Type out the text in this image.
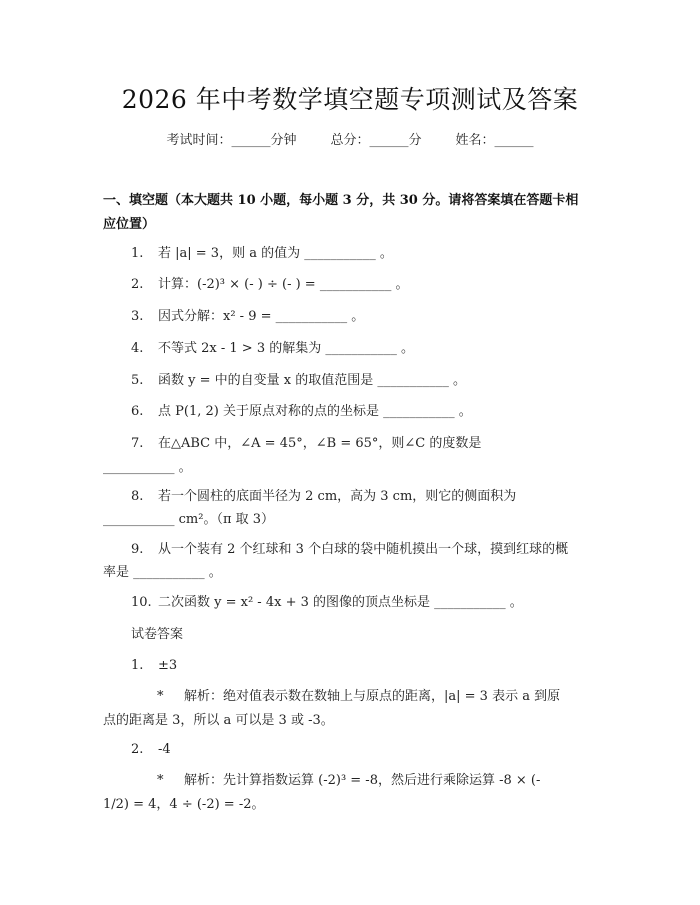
2026 年中考数学填空题专项测试及答案
考试时间：______分钟	总分：______分	姓名：______
一、填空题（本大题共 10 小题，每小题 3 分，共 30 分。请将答案填在答题卡相
应位置）
1. 若 |a| = 3，则 a 的值为 ___________ 。
2. 计算：(-2)³ × (- ) ÷ (- ) = ___________ 。
3. 因式分解：x² - 9 = ___________ 。
4. 不等式 2x - 1 > 3 的解集为 ___________ 。
5. 函数 y = 中的自变量 x 的取值范围是 ___________ 。
6. 点 P(1, 2) 关于原点对称的点的坐标是 ___________ 。
7. 在△ABC 中，∠A = 45°，∠B = 65°，则∠C 的度数是
___________ 。
8. 若一个圆柱的底面半径为 2 cm，高为 3 cm，则它的侧面积为
___________ cm²。（π 取 3）
9. 从一个装有 2 个红球和 3 个白球的袋中随机摸出一个球，摸到红球的概
率是 ___________ 。
10. 二次函数 y = x² - 4x + 3 的图像的顶点坐标是 ___________ 。
试卷答案
1. ±3
* 解析：绝对值表示数在数轴上与原点的距离，|a| = 3 表示 a 到原
点的距离是 3，所以 a 可以是 3 或 -3。
2. -4
* 解析：先计算指数运算 (-2)³ = -8，然后进行乘除运算 -8 × (-
1/2) = 4，4 ÷ (-2) = -2。
